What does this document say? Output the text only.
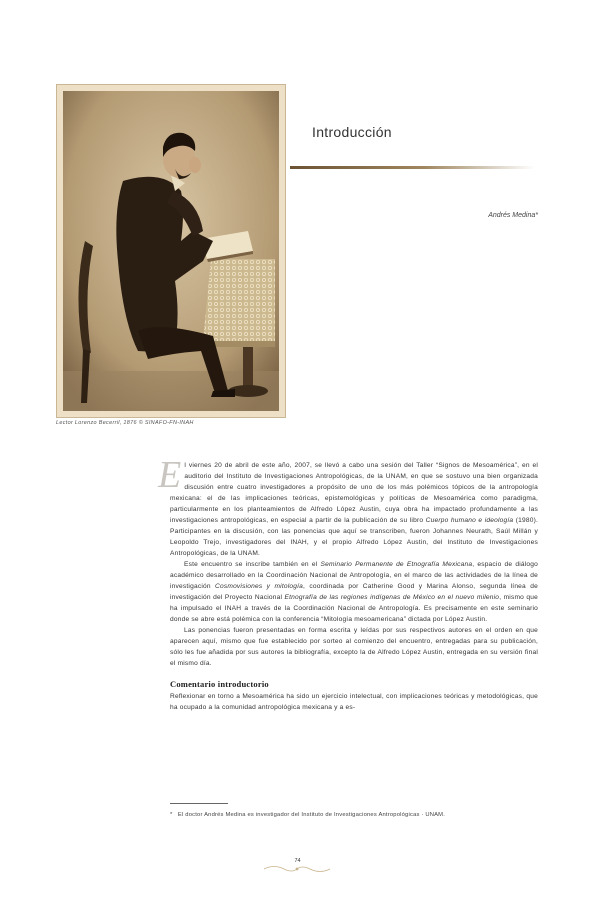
Lector Lorenzo Becerril, 1876 © SINAFO-FN-INAH
Introducción
Andrés Medina*

El viernes 20 de abril de este año, 2007, se llevó a cabo una sesión del Taller “Signos de Mesoamérica”, en el auditorio del Instituto de Investigaciones Antropológicas, de la UNAM, en que se sostuvo una bien organizada discusión entre cuatro investigadores a propósito de uno de los más polémicos tópicos de la antropología mexicana: el de las implicaciones teóricas, epistemológicas y políticas de Mesoamérica como paradigma, particularmente en los planteamientos de Alfredo López Austin, cuya obra ha impactado profundamente a las investigaciones antropológicas, en especial a partir de la publicación de su libro Cuerpo humano e ideología (1980). Participantes en la discusión, con las ponencias que aquí se transcriben, fueron Johannes Neurath, Saúl Millán y Leopoldo Trejo, investigadores del INAH, y el propio Alfredo López Austin, del Instituto de Investigaciones Antropológicas, de la UNAM.

Este encuentro se inscribe también en el Seminario Permanente de Etnografía Mexicana, espacio de diálogo académico desarrollado en la Coordinación Nacional de Antropología, en el marco de las actividades de la línea de investigación Cosmovisiones y mitología, coordinada por Catherine Good y Marina Alonso, segunda línea de investigación del Proyecto Nacional Etnografía de las regiones indígenas de México en el nuevo milenio, mismo que ha impulsado el INAH a través de la Coordinación Nacional de Antropología. Es precisamente en este seminario donde se abre está polémica con la conferencia “Mitología mesoamericana” dictada por López Austin.

Las ponencias fueron presentadas en forma escrita y leídas por sus respectivos autores en el orden en que aparecen aquí, mismo que fue establecido por sorteo al comienzo del encuentro, entregadas para su publicación, sólo les fue añadida por sus autores la bibliografía, excepto la de Alfredo López Austin, entregada en su versión final el mismo día.

Comentario introductorio

Reflexionar en torno a Mesoamérica ha sido un ejercicio intelectual, con implicaciones teóricas y metodológicas, que ha ocupado a la comunidad antropológica mexicana y a es-

* El doctor Andrés Medina es investigador del Instituto de Investigaciones Antropológicas · UNAM.
74
